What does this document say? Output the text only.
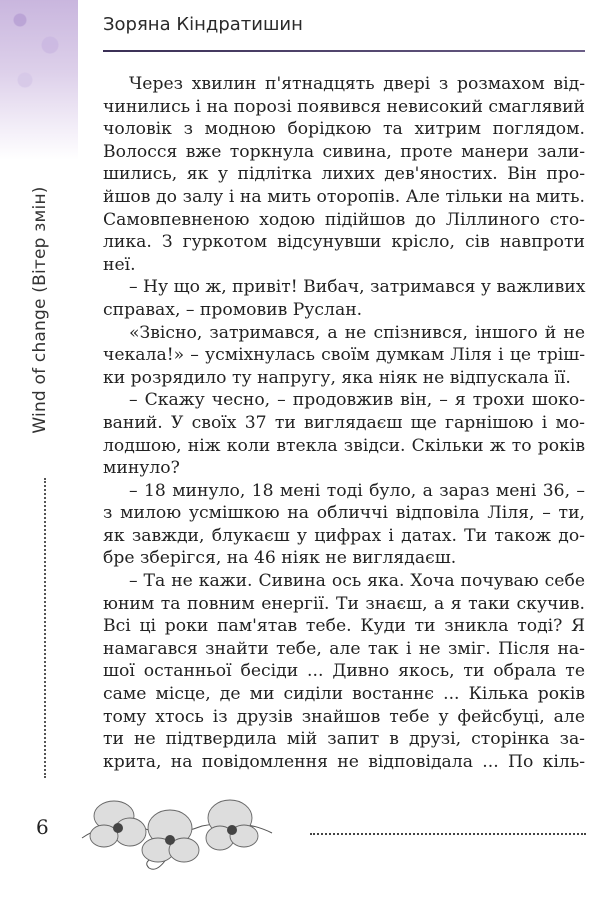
Wind of change (Вітер змін)
Зоряна Кіндратишин
Через хвилин п'ятнадцять двері з розмахом від-
чинились і на порозі появився невисокий смаглявий
чоловік з модною борідкою та хитрим поглядом.
Волосся вже торкнула сивина, проте манери зали-
шились, як у підлітка лихих дев'яностих. Він про-
йшов до залу і на мить оторопів. Але тільки на мить.
Самовпевненою ходою підійшов до Ліллиного сто-
лика. З гуркотом відсунувши крісло, сів навпроти
неї.
– Ну що ж, привіт! Вибач, затримався у важливих
справах, – промовив Руслан.
«Звісно, затримався, а не спізнився, іншого й не
чекала!» – усміхнулась своїм думкам Ліля і це тріш-
ки розрядило ту напругу, яка ніяк не відпускала її.
– Скажу чесно, – продовжив він, – я трохи шоко-
ваний. У своїх 37 ти виглядаєш ще гарнішою і мо-
лодшою, ніж коли втекла звідси. Скільки ж то років
минуло?
– 18 минуло, 18 мені тоді було, а зараз мені 36, –
з милою усмішкою на обличчі відповіла Ліля, – ти,
як завжди, блукаєш у цифрах і датах. Ти також до-
бре зберігся, на 46 ніяк не виглядаєш.
– Та не кажи. Сивина ось яка. Хоча почуваю себе
юним та повним енергії. Ти знаєш, а я таки скучив.
Всі ці роки пам'ятав тебе. Куди ти зникла тоді? Я
намагався знайти тебе, але так і не зміг. Після на-
шої останньої бесіди ... Дивно якось, ти обрала те
саме місце, де ми сиділи востаннє ... Кілька років
тому хтось із друзів знайшов тебе у фейсбуці, але
ти не підтвердила мій запит в друзі, сторінка за-
крита, на повідомлення не відповідала ... По кіль-
6
